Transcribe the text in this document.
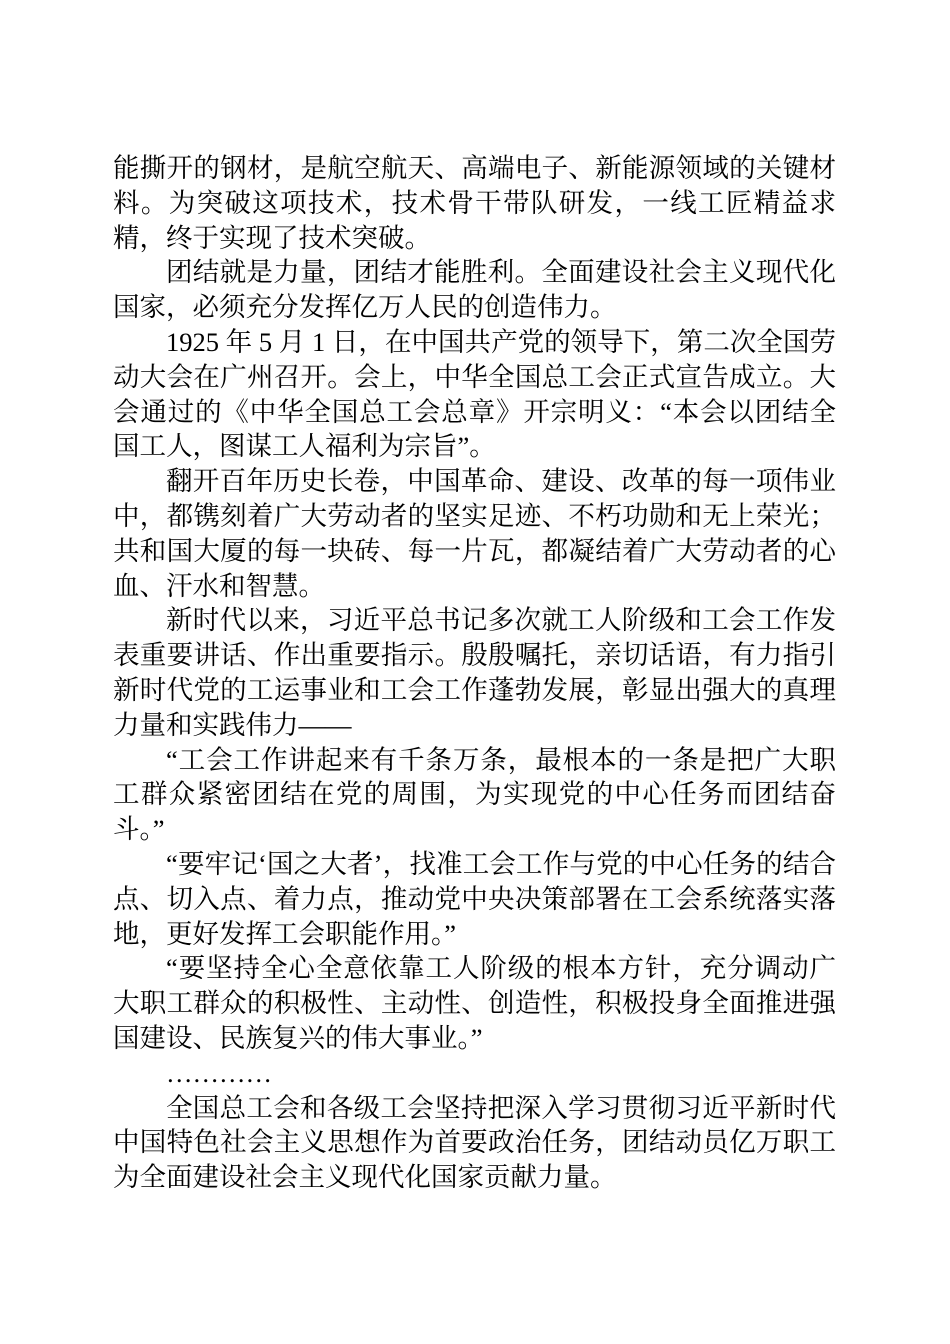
能撕开的钢材，是航空航天、高端电子、新能源领域的关键材料。为突破这项技术，技术骨干带队研发，一线工匠精益求精，终于实现了技术突破。

团结就是力量，团结才能胜利。全面建设社会主义现代化国家，必须充分发挥亿万人民的创造伟力。

1925 年 5 月 1 日，在中国共产党的领导下，第二次全国劳动大会在广州召开。会上，中华全国总工会正式宣告成立。大会通过的《中华全国总工会总章》开宗明义：“本会以团结全国工人，图谋工人福利为宗旨”。

翻开百年历史长卷，中国革命、建设、改革的每一项伟业中，都镌刻着广大劳动者的坚实足迹、不朽功勋和无上荣光；共和国大厦的每一块砖、每一片瓦，都凝结着广大劳动者的心血、汗水和智慧。

新时代以来，习近平总书记多次就工人阶级和工会工作发表重要讲话、作出重要指示。殷殷嘱托，亲切话语，有力指引新时代党的工运事业和工会工作蓬勃发展，彰显出强大的真理力量和实践伟力——

“工会工作讲起来有千条万条，最根本的一条是把广大职工群众紧密团结在党的周围，为实现党的中心任务而团结奋斗。”

“要牢记‘国之大者’，找准工会工作与党的中心任务的结合点、切入点、着力点，推动党中央决策部署在工会系统落实落地，更好发挥工会职能作用。”

“要坚持全心全意依靠工人阶级的根本方针，充分调动广大职工群众的积极性、主动性、创造性，积极投身全面推进强国建设、民族复兴的伟大事业。”

…………

全国总工会和各级工会坚持把深入学习贯彻习近平新时代中国特色社会主义思想作为首要政治任务，团结动员亿万职工为全面建设社会主义现代化国家贡献力量。
